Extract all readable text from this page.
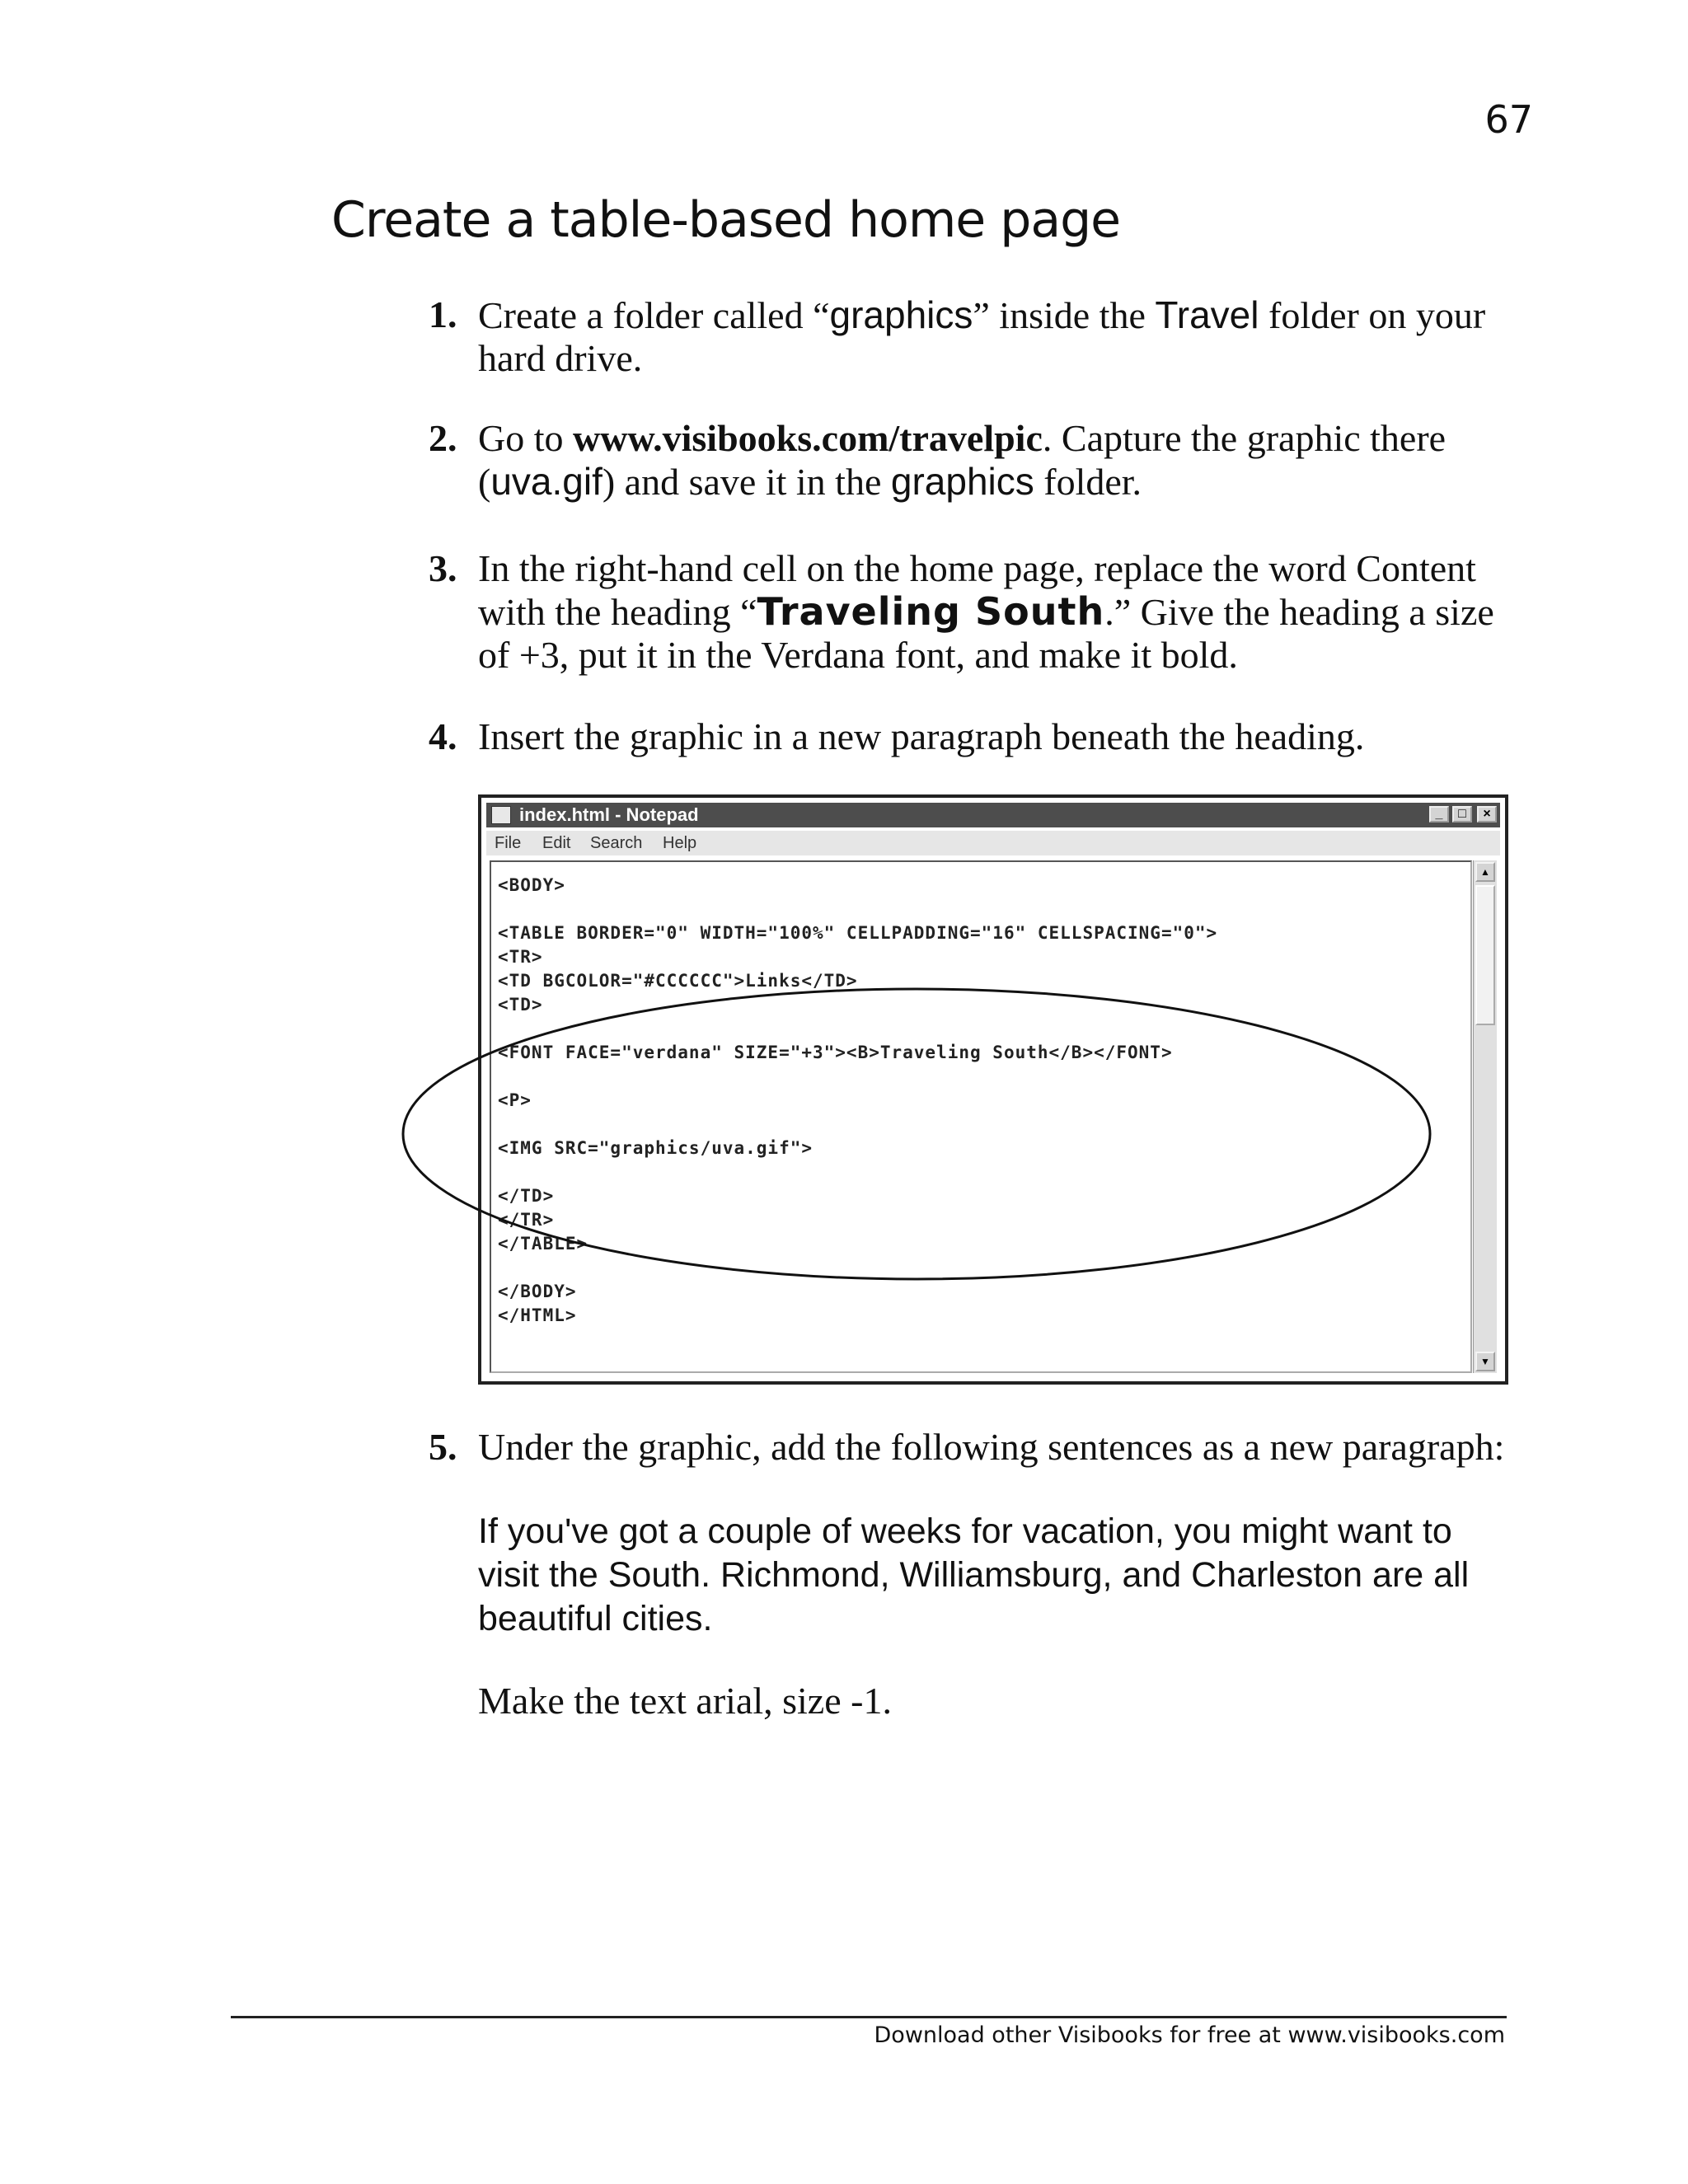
67
Create a table-based home page
1. Create a folder called “graphics” inside the Travel folder on your hard drive.
2. Go to www.visibooks.com/travelpic. Capture the graphic there (uva.gif) and save it in the graphics folder.
3. In the right-hand cell on the home page, replace the word Content with the heading “Traveling South.” Give the heading a size of +3, put it in the Verdana font, and make it bold.
4. Insert the graphic in a new paragraph beneath the heading.
index.html - Notepad	_	□	×
File Edit Search Help
<BODY>

<TABLE BORDER="0" WIDTH="100%" CELLPADDING="16" CELLSPACING="0">
<TR>
<TD BGCOLOR="#CCCCCC">Links</TD>
<TD>

<FONT FACE="verdana" SIZE="+3"><B>Traveling South</B></FONT>

<P>

<IMG SRC="graphics/uva.gif">

</TD>
</TR>
</TABLE>

</BODY>
</HTML>
▲
▼
5. Under the graphic, add the following sentences as a new paragraph:
If you've got a couple of weeks for vacation, you might want to visit the South. Richmond, Williamsburg, and Charleston are all beautiful cities.
Make the text arial, size -1.
Download other Visibooks for free at www.visibooks.com
